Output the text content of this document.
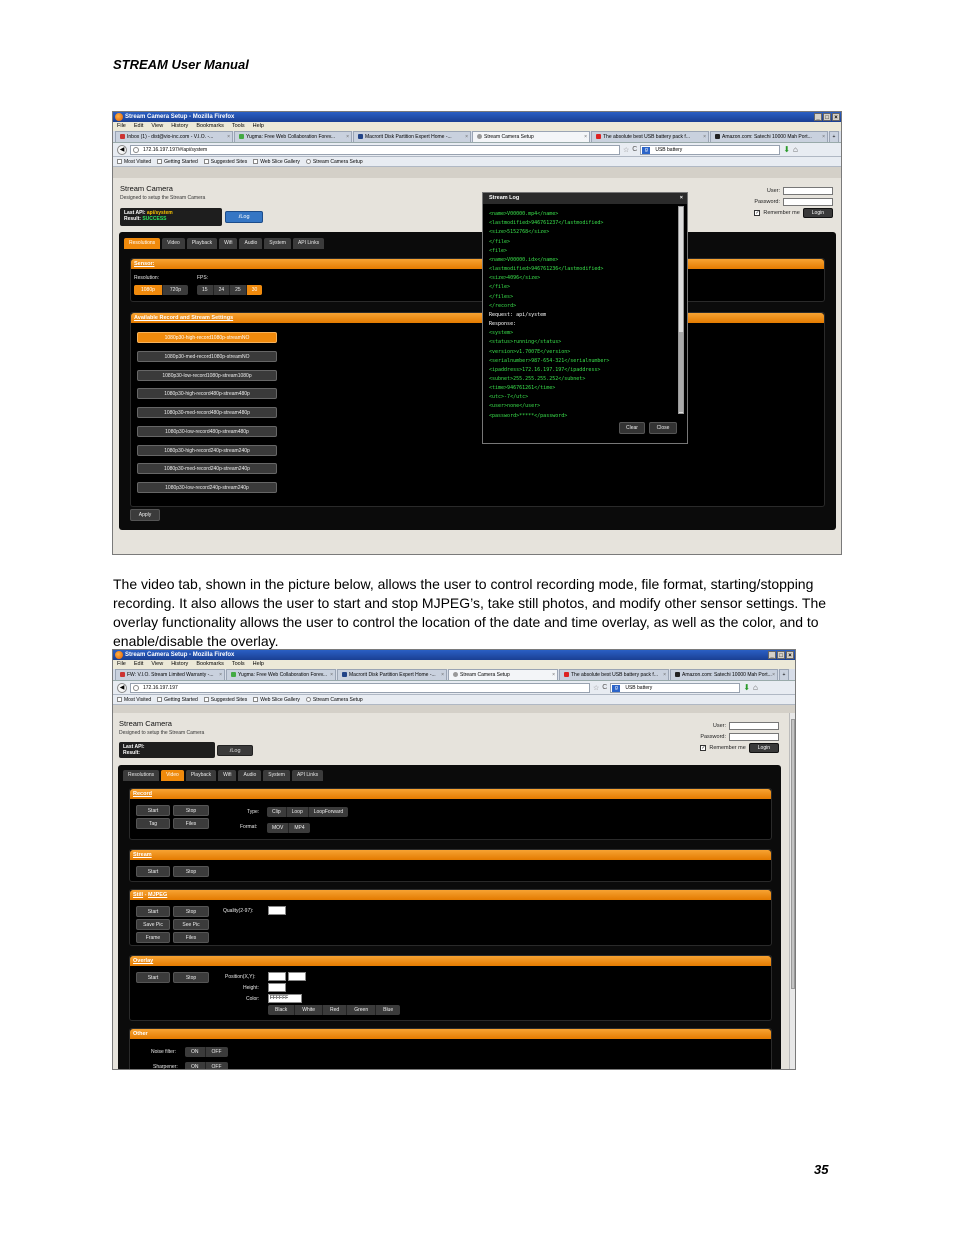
STREAM User Manual
Stream Camera Setup - Mozilla Firefox	_ □ ×
File Edit View History Bookmarks Tools Help
Inbox (1) - dist@vio-inc.com - V.I.O. -...	×	Yugma: Free Web Collaboration Forev... ×	Macrorit Disk Partition Expert Home -...	×	Stream Camera Setup	×	The absolute best USB battery pack f...	×	Amazon.com: Satechi 10000 Mah Port... ×	+
◀	172.16.197.197/#/api/system	☆ C	g	USB battery	⬇ ⌂
Most Visited	Getting Started	Suggested Sites	Web Slice Gallery	Stream Camera Setup
Stream Camera
Designed to setup the Stream Camera
Last API: api/system
Result: SUCCESS	ⅈLog
User:
Password:
✓ Remember me	Login
Resolutions	Video	Playback	Wifi	Audio	System	API Links
Sensor:
Resolution:	FPS:
1080p	720p	15	24	25	30
Available Record and Stream Settings
1080p30-high-record1080p-streamNO
1080p30-med-record1080p-streamNO
1080p30-low-record1080p-stream1080p
1080p30-high-record480p-stream480p
1080p30-med-record480p-stream480p
1080p30-low-record480p-stream480p
1080p30-high-record240p-stream240p
1080p30-med-record240p-stream240p
1080p30-low-record240p-stream240p
Apply
Stream Log	×

<name>V00000.mp4</name>
<lastmodified>946761237</lastmodified>
<size>5152768</size>
</file>
<file>
<name>V00000.idx</name>
<lastmodified>946761236</lastmodified>
<size>4096</size>
</file>
</files>
</record>
Request: api/system
Response:
<system>
<status>running</status>
<version>v1.7007E</version>
<serialnumber>987-654-321</serialnumber>
<ipaddress>172.16.197.197</ipaddress>
<subnet>255.255.255.252</subnet>
<time>946761261</time>
<utc>-7</utc>
<user>none</user>
<password>*****</password>

Clear	Close
The video tab, shown in the picture below, allows the user to control recording mode, file format, starting/stopping recording. It also allows the user to start and stop MJPEG’s, take still photos, and modify other sensor settings. The overlay functionality allows the user to control the location of the date and time overlay, as well as the color, and to enable/disable the overlay.
Stream Camera Setup - Mozilla Firefox	_ □ ×
File Edit View History Bookmarks Tools Help
FW: V.I.O. Stream Limited Warranty -... ×	Yugma: Free Web Collaboration Forev... ×	Macrorit Disk Partition Expert Home -... ×	Stream Camera Setup	×	The absolute best USB battery pack f... ×	Amazon.com: Satechi 10000 Mah Port... ×	+
◀	172.16.197.197	☆ C	g	USB battery	⬇ ⌂
Most Visited	Getting Started	Suggested Sites	Web Slice Gallery	Stream Camera Setup
Stream Camera
Designed to setup the Stream Camera
Last API:
Result:	ⅈLog
User:
Password:
✓ Remember me	Login
Resolutions	Video	Playback	Wifi	Audio	System	API Links
Record
Start	Stop
Tag	Files
Type:	Clip	Loop	LoopForward
Format:	MOV	MP4
Stream
Start	Stop
Still - MJPEG
Start	Stop
Save Pic	See Pic
Frame	Files
Quality(2-97):
Overlay
Start	Stop	Position(X,Y):
Height:
Color:	FFFFFF
Black	White	Red	Green	Blue
Other
Noise filter:	ON	OFF
Sharpener:	ON	OFF
35
